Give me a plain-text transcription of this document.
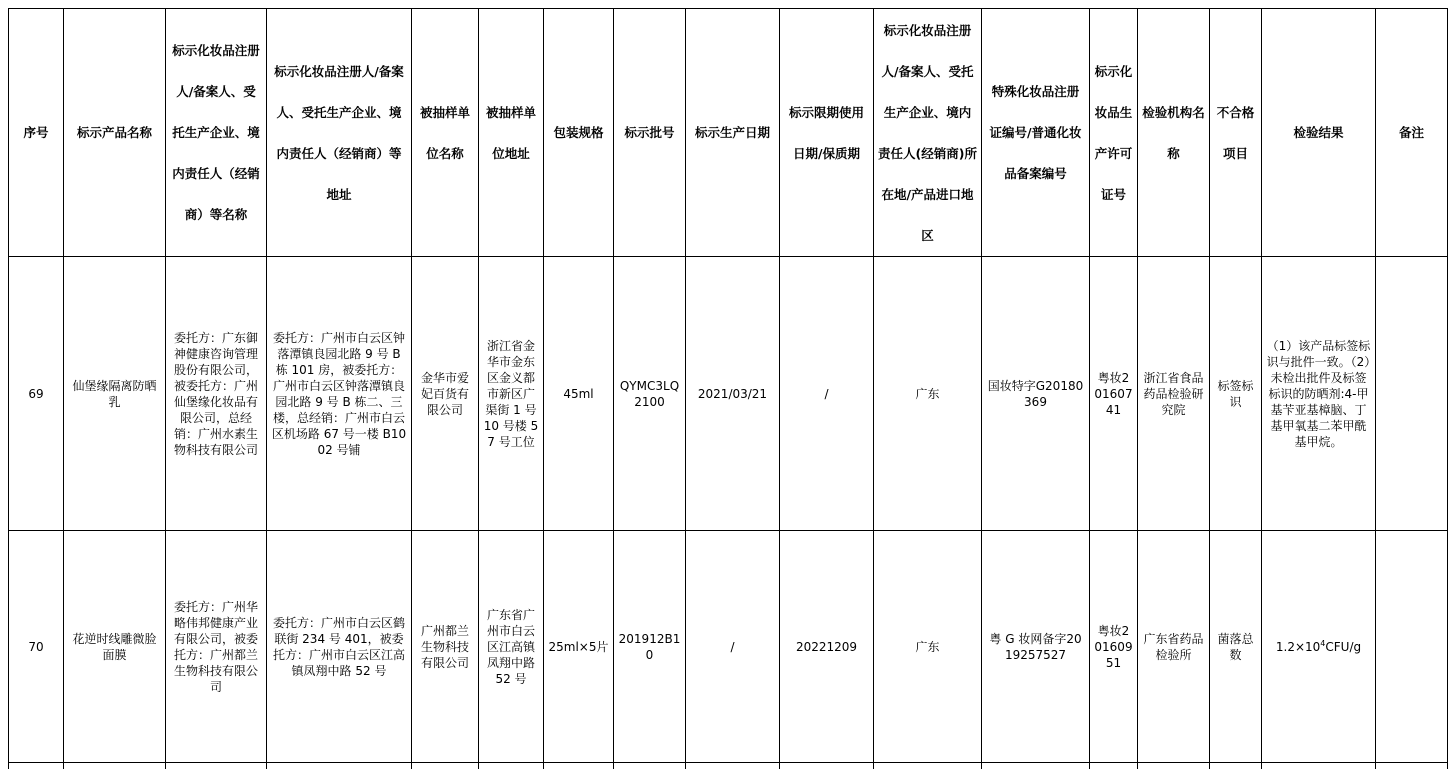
序号	标示产品名称	标示化妆品注册人/备案人、受托生产企业、境内责任人（经销商）等名称	标示化妆品注册人/备案人、受托生产企业、境内责任人（经销商）等地址	被抽样单位名称	被抽样单位地址	包装规格	标示批号	标示生产日期	标示限期使用日期/保质期	标示化妆品注册人/备案人、受托生产企业、境内责任人(经销商)所在地/产品进口地区	特殊化妆品注册证编号/普通化妆品备案编号	标示化妆品生产许可证号	检验机构名称	不合格项目	检验结果	备注
69	仙堡缘隔离防晒乳	委托方：广东御神健康咨询管理股份有限公司，被委托方：广州仙堡缘化妆品有限公司，总经销：广州水素生物科技有限公司	委托方：广州市白云区钟落潭镇良园北路 9 号 B 栋 101 房，被委托方：广州市白云区钟落潭镇良园北路 9 号 B 栋二、三楼，总经销：广州市白云区机场路 67 号一楼 B1002 号铺	金华市爱妃百货有限公司	浙江省金华市金东区金义都市新区广渠街 1 号 10 号楼 57 号工位	45ml	QYMC3LQ2100	2021/03/21	/	广东	国妆特字G20180369	粤妆20160741	浙江省食品药品检验研究院	标签标识	（1）该产品标签标识与批件一致。（2）未检出批件及标签标识的防晒剂:4-甲基苄亚基樟脑、丁基甲氧基二苯甲酰基甲烷。	
70	花逆时线雕微脸面膜	委托方：广州华略伟邦健康产业有限公司，被委托方：广州都兰生物科技有限公司	委托方：广州市白云区鹤联街 234 号 401，被委托方：广州市白云区江高镇凤翔中路 52 号	广州都兰生物科技有限公司	广东省广州市白云区江高镇凤翔中路 52 号	25ml×5片	201912B10	/	20221209	广东	粤 G 妆网备字2019257527	粤妆20160951	广东省药品检验所	菌落总数	$1.2\times 10^4CFU/g$	
